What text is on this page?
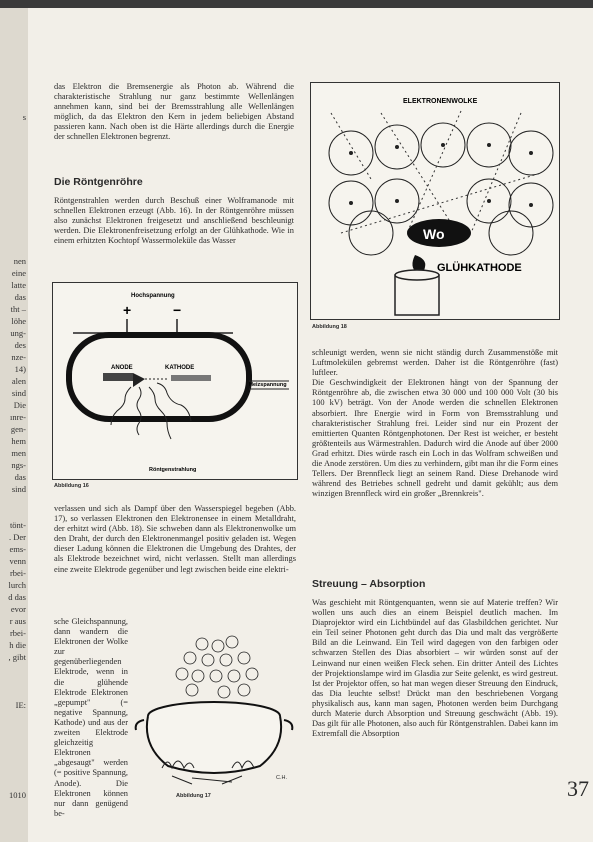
s
nen
eine
latte
das
tht –
löhe
ung-
des
nze-
14)
alen
sind
Die
ınre-
gen-
hem
men
ngs-
das
sind
tönt-
. Der
ems-
venn
rbei-
lurch
d das
evor
r aus
rbei-
h die
, gibt
IE:
1010

das Elektron die Bremsenergie als Photon ab. Während die charakteristische Strahlung nur ganz bestimmte Wellenlängen annehmen kann, sind bei der Bremsstrahlung alle Wellenlängen möglich, da das Elektron den Kern in jedem beliebigen Abstand passieren kann. Nach oben ist die Härte allerdings durch die Energie der schnellen Elektronen begrenzt.

Die Röntgenröhre

Röntgenstrahlen werden durch Beschuß einer Wolframanode mit schnellen Elektronen erzeugt (Abb. 16). In der Röntgenröhre müssen also zunächst Elektronen freigesetzt und anschließend beschleunigt werden. Die Elektronenfreisetzung erfolgt an der Glühkathode. Wie in einem erhitzten Kochtopf Wassermoleküle das Wasser

Hochspannung
+	−
ANODE	KATHODE
Heizspannung
Röntgenstrahlung
Abbildung 16

verlassen und sich als Dampf über den Wasserspiegel begeben (Abb. 17), so verlassen Elektronen den Elektronensee in einem Metalldraht, der erhitzt wird (Abb. 18). Sie schweben dann als Elektronenwolke um den Draht, der durch den Elektronenmangel positiv geladen ist. Wegen dieser Ladung können die Elektronen die Umgebung des Drahtes, der als Elektrode bezeichnet wird, nicht verlassen. Stellt man allerdings eine zweite Elektrode gegenüber und legt zwischen beide eine elektri-

sche Gleichspannung, dann wandern die Elektronen der Wolke zur gegenüberliegenden Elektrode, wenn in die glühende Elektrode Elektronen „gepumpt" (= negative Spannung, Kathode) und aus der zweiten Elektrode gleichzeitig Elektronen „abgesaugt" werden (= positive Spannung, Anode). Die Elektronen können nur dann genügend be-

Abbildung 17
C.H.
ELEKTRONENWOLKE
Wo
GLÜHKATHODE
Abbildung 18

schleunigt werden, wenn sie nicht ständig durch Zusammenstöße mit Luftmolekülen gebremst werden. Daher ist die Röntgenröhre (fast) luftleer.

Die Geschwindigkeit der Elektronen hängt von der Spannung der Röntgenröhre ab, die zwischen etwa 30 000 und 100 000 Volt (30 bis 100 kV) beträgt. Von der Anode werden die schnellen Elektronen absorbiert. Ihre Energie wird in Form von Bremsstrahlung und charakteristischer Strahlung frei. Leider sind nur ein Prozent der emittierten Quanten Röntgenphotonen. Der Rest ist weicher, er besteht größtenteils aus Wärmestrahlen. Dadurch wird die Anode auf über 2000 Grad erhitzt. Dies würde rasch ein Loch in das Wolfram schweißen und die Anode zerstören. Um dies zu verhindern, gibt man ihr die Form eines Tellers. Der Brennfleck liegt an seinem Rand. Diese Drehanode wird während des Betriebes schnell gedreht und damit gekühlt; aus dem winzigen Brennfleck wird ein großer „Brennkreis".

Streuung – Absorption

Was geschieht mit Röntgenquanten, wenn sie auf Materie treffen? Wir wollen uns auch dies an einem Beispiel deutlich machen. Im Diaprojektor wird ein Lichtbündel auf das Glasbildchen gerichtet. Nur ein Teil seiner Photonen geht durch das Dia und malt das vergrößerte Bild an die Leinwand. Ein Teil wird dagegen von den farbigen oder schwarzen Stellen des Dias absorbiert – wir würden sonst auf der Leinwand nur einen weißen Fleck sehen. Ein dritter Anteil des Lichtes der Projektionslampe wird im Glasdia zur Seite gelenkt, es wird gestreut. Ist der Projektor offen, so hat man wegen dieser Streuung den Eindruck, das Dia leuchte selbst! Drückt man den beschriebenen Vorgang physikalisch aus, kann man sagen, Photonen werden beim Durchgang durch Materie durch Absorption und Streuung geschwächt (Abb. 19). Das gilt für alle Photonen, also auch für Röntgenstrahlen. Dabei kann im Extremfall die Absorption

37
